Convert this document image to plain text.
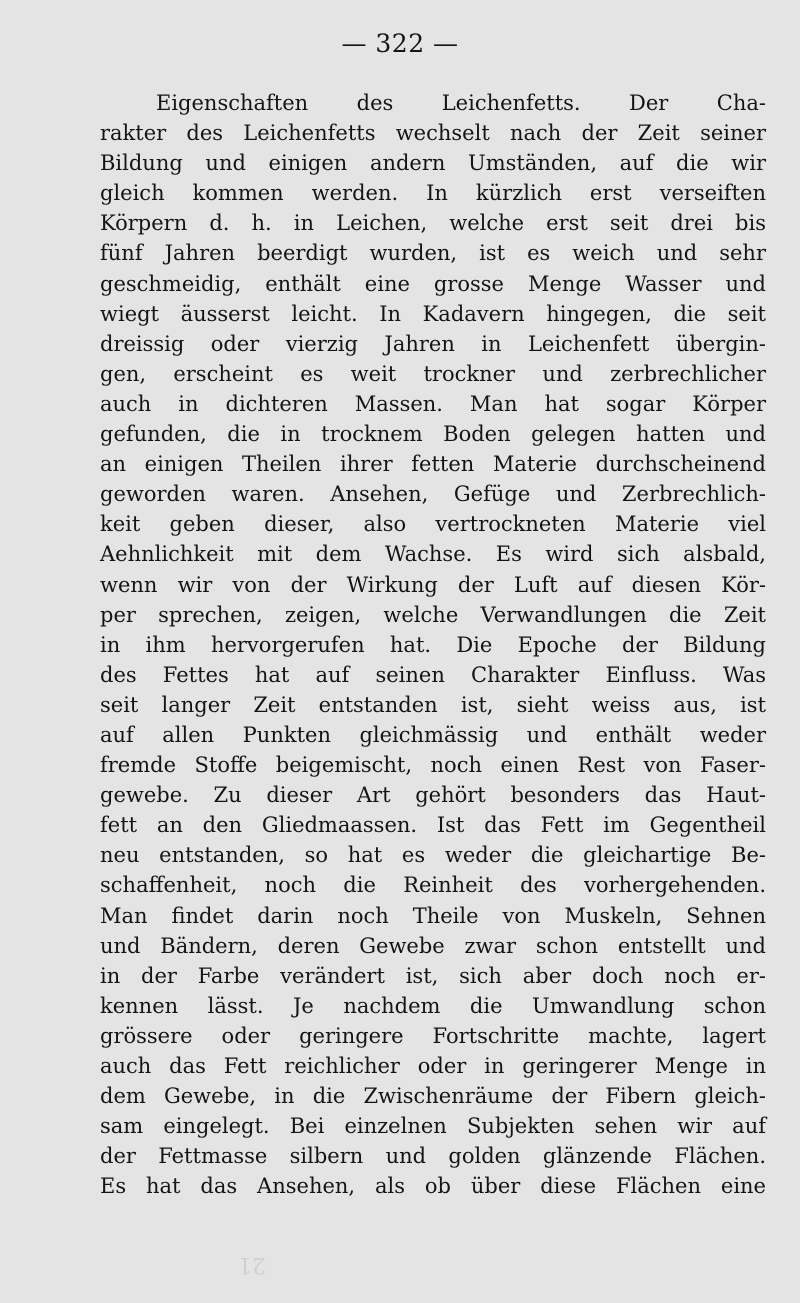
— 322 —
Eigenschaften des Leichenfetts. Der Cha-
rakter des Leichenfetts wechselt nach der Zeit seiner
Bildung und einigen andern Umständen, auf die wir
gleich kommen werden. In kürzlich erst verseiften
Körpern d. h. in Leichen, welche erst seit drei bis
fünf Jahren beerdigt wurden, ist es weich und sehr
geschmeidig, enthält eine grosse Menge Wasser und
wiegt äusserst leicht. In Kadavern hingegen, die seit
dreissig oder vierzig Jahren in Leichenfett übergin-
gen, erscheint es weit trockner und zerbrechlicher
auch in dichteren Massen. Man hat sogar Körper
gefunden, die in trocknem Boden gelegen hatten und
an einigen Theilen ihrer fetten Materie durchscheinend
geworden waren. Ansehen, Gefüge und Zerbrechlich-
keit geben dieser, also vertrockneten Materie viel
Aehnlichkeit mit dem Wachse. Es wird sich alsbald,
wenn wir von der Wirkung der Luft auf diesen Kör-
per sprechen, zeigen, welche Verwandlungen die Zeit
in ihm hervorgerufen hat. Die Epoche der Bildung
des Fettes hat auf seinen Charakter Einfluss. Was
seit langer Zeit entstanden ist, sieht weiss aus, ist
auf allen Punkten gleichmässig und enthält weder
fremde Stoffe beigemischt, noch einen Rest von Faser-
gewebe. Zu dieser Art gehört besonders das Haut-
fett an den Gliedmaassen. Ist das Fett im Gegentheil
neu entstanden, so hat es weder die gleichartige Be-
schaffenheit, noch die Reinheit des vorhergehenden.
Man findet darin noch Theile von Muskeln, Sehnen
und Bändern, deren Gewebe zwar schon entstellt und
in der Farbe verändert ist, sich aber doch noch er-
kennen lässt. Je nachdem die Umwandlung schon
grössere oder geringere Fortschritte machte, lagert
auch das Fett reichlicher oder in geringerer Menge in
dem Gewebe, in die Zwischenräume der Fibern gleich-
sam eingelegt. Bei einzelnen Subjekten sehen wir auf
der Fettmasse silbern und golden glänzende Flächen.
Es hat das Ansehen, als ob über diese Flächen eine
21
